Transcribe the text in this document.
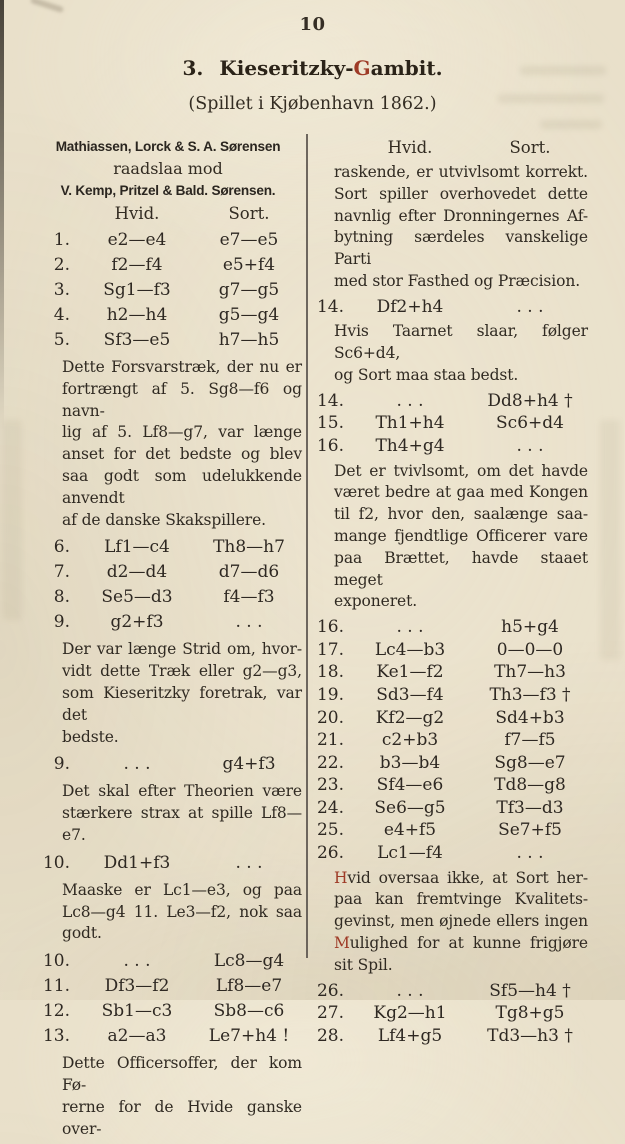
10
3. Kieseritzky-Gambit.
(Spillet i Kjøbenhavn 1862.)
Mathiassen, Lorck & S. A. Sørensen
raadslaa mod
V. Kemp, Pritzel & Bald. Sørensen.
Hvid.	Sort.
1.	e2—e4	e7—e5
2.	f2—f4	e5+f4
3.	Sg1—f3	g7—g5
4.	h2—h4	g5—g4
5.	Sf3—e5	h7—h5
Dette Forsvarstræk, der nu er
fortrængt af 5. Sg8—f6 og navn-
lig af 5. Lf8—g7, var længe
anset for det bedste og blev
saa godt som udelukkende anvendt
af de danske Skakspillere.
6.	Lf1—c4	Th8—h7
7.	d2—d4	d7—d6
8.	Se5—d3	f4—f3
9.	g2+f3	. . .
Der var længe Strid om, hvor-
vidt dette Træk eller g2—g3,
som Kieseritzky foretrak, var det
bedste.
9.	. . .	g4+f3
Det skal efter Theorien være
stærkere strax at spille Lf8—e7.
10.	Dd1+f3	. . .
Maaske er Lc1—e3, og paa
Lc8—g4 11. Le3—f2, nok saa
godt.
10.	. . .	Lc8—g4
11.	Df3—f2	Lf8—e7
12.	Sb1—c3	Sb8—c6
13.	a2—a3	Le7+h4 !
Dette Officersoffer, der kom Fø-
rerne for de Hvide ganske over-
Hvid.	Sort.
raskende, er utvivlsomt korrekt.
Sort spiller overhovedet dette
navnlig efter Dronningernes Af-
bytning særdeles vanskelige Parti
med stor Fasthed og Præcision.
14.	Df2+h4	. . .
Hvis Taarnet slaar, følger Sc6+d4,
og Sort maa staa bedst.
14.	. . .	Dd8+h4 †
15.	Th1+h4	Sc6+d4
16.	Th4+g4	. . .
Det er tvivlsomt, om det havde
været bedre at gaa med Kongen
til f2, hvor den, saalænge saa-
mange fjendtlige Officerer vare
paa Brættet, havde staaet meget
exponeret.
16.	. . .	h5+g4
17.	Lc4—b3	0—0—0
18.	Ke1—f2	Th7—h3
19.	Sd3—f4	Th3—f3 †
20.	Kf2—g2	Sd4+b3
21.	c2+b3	f7—f5
22.	b3—b4	Sg8—e7
23.	Sf4—e6	Td8—g8
24.	Se6—g5	Tf3—d3
25.	e4+f5	Se7+f5
26.	Lc1—f4	. . .
Hvid oversaa ikke, at Sort her-
paa kan fremtvinge Kvalitets-
gevinst, men øjnede ellers ingen
Mulighed for at kunne frigjøre
sit Spil.
26.	. . .	Sf5—h4 †
27.	Kg2—h1	Tg8+g5
28.	Lf4+g5	Td3—h3 †
